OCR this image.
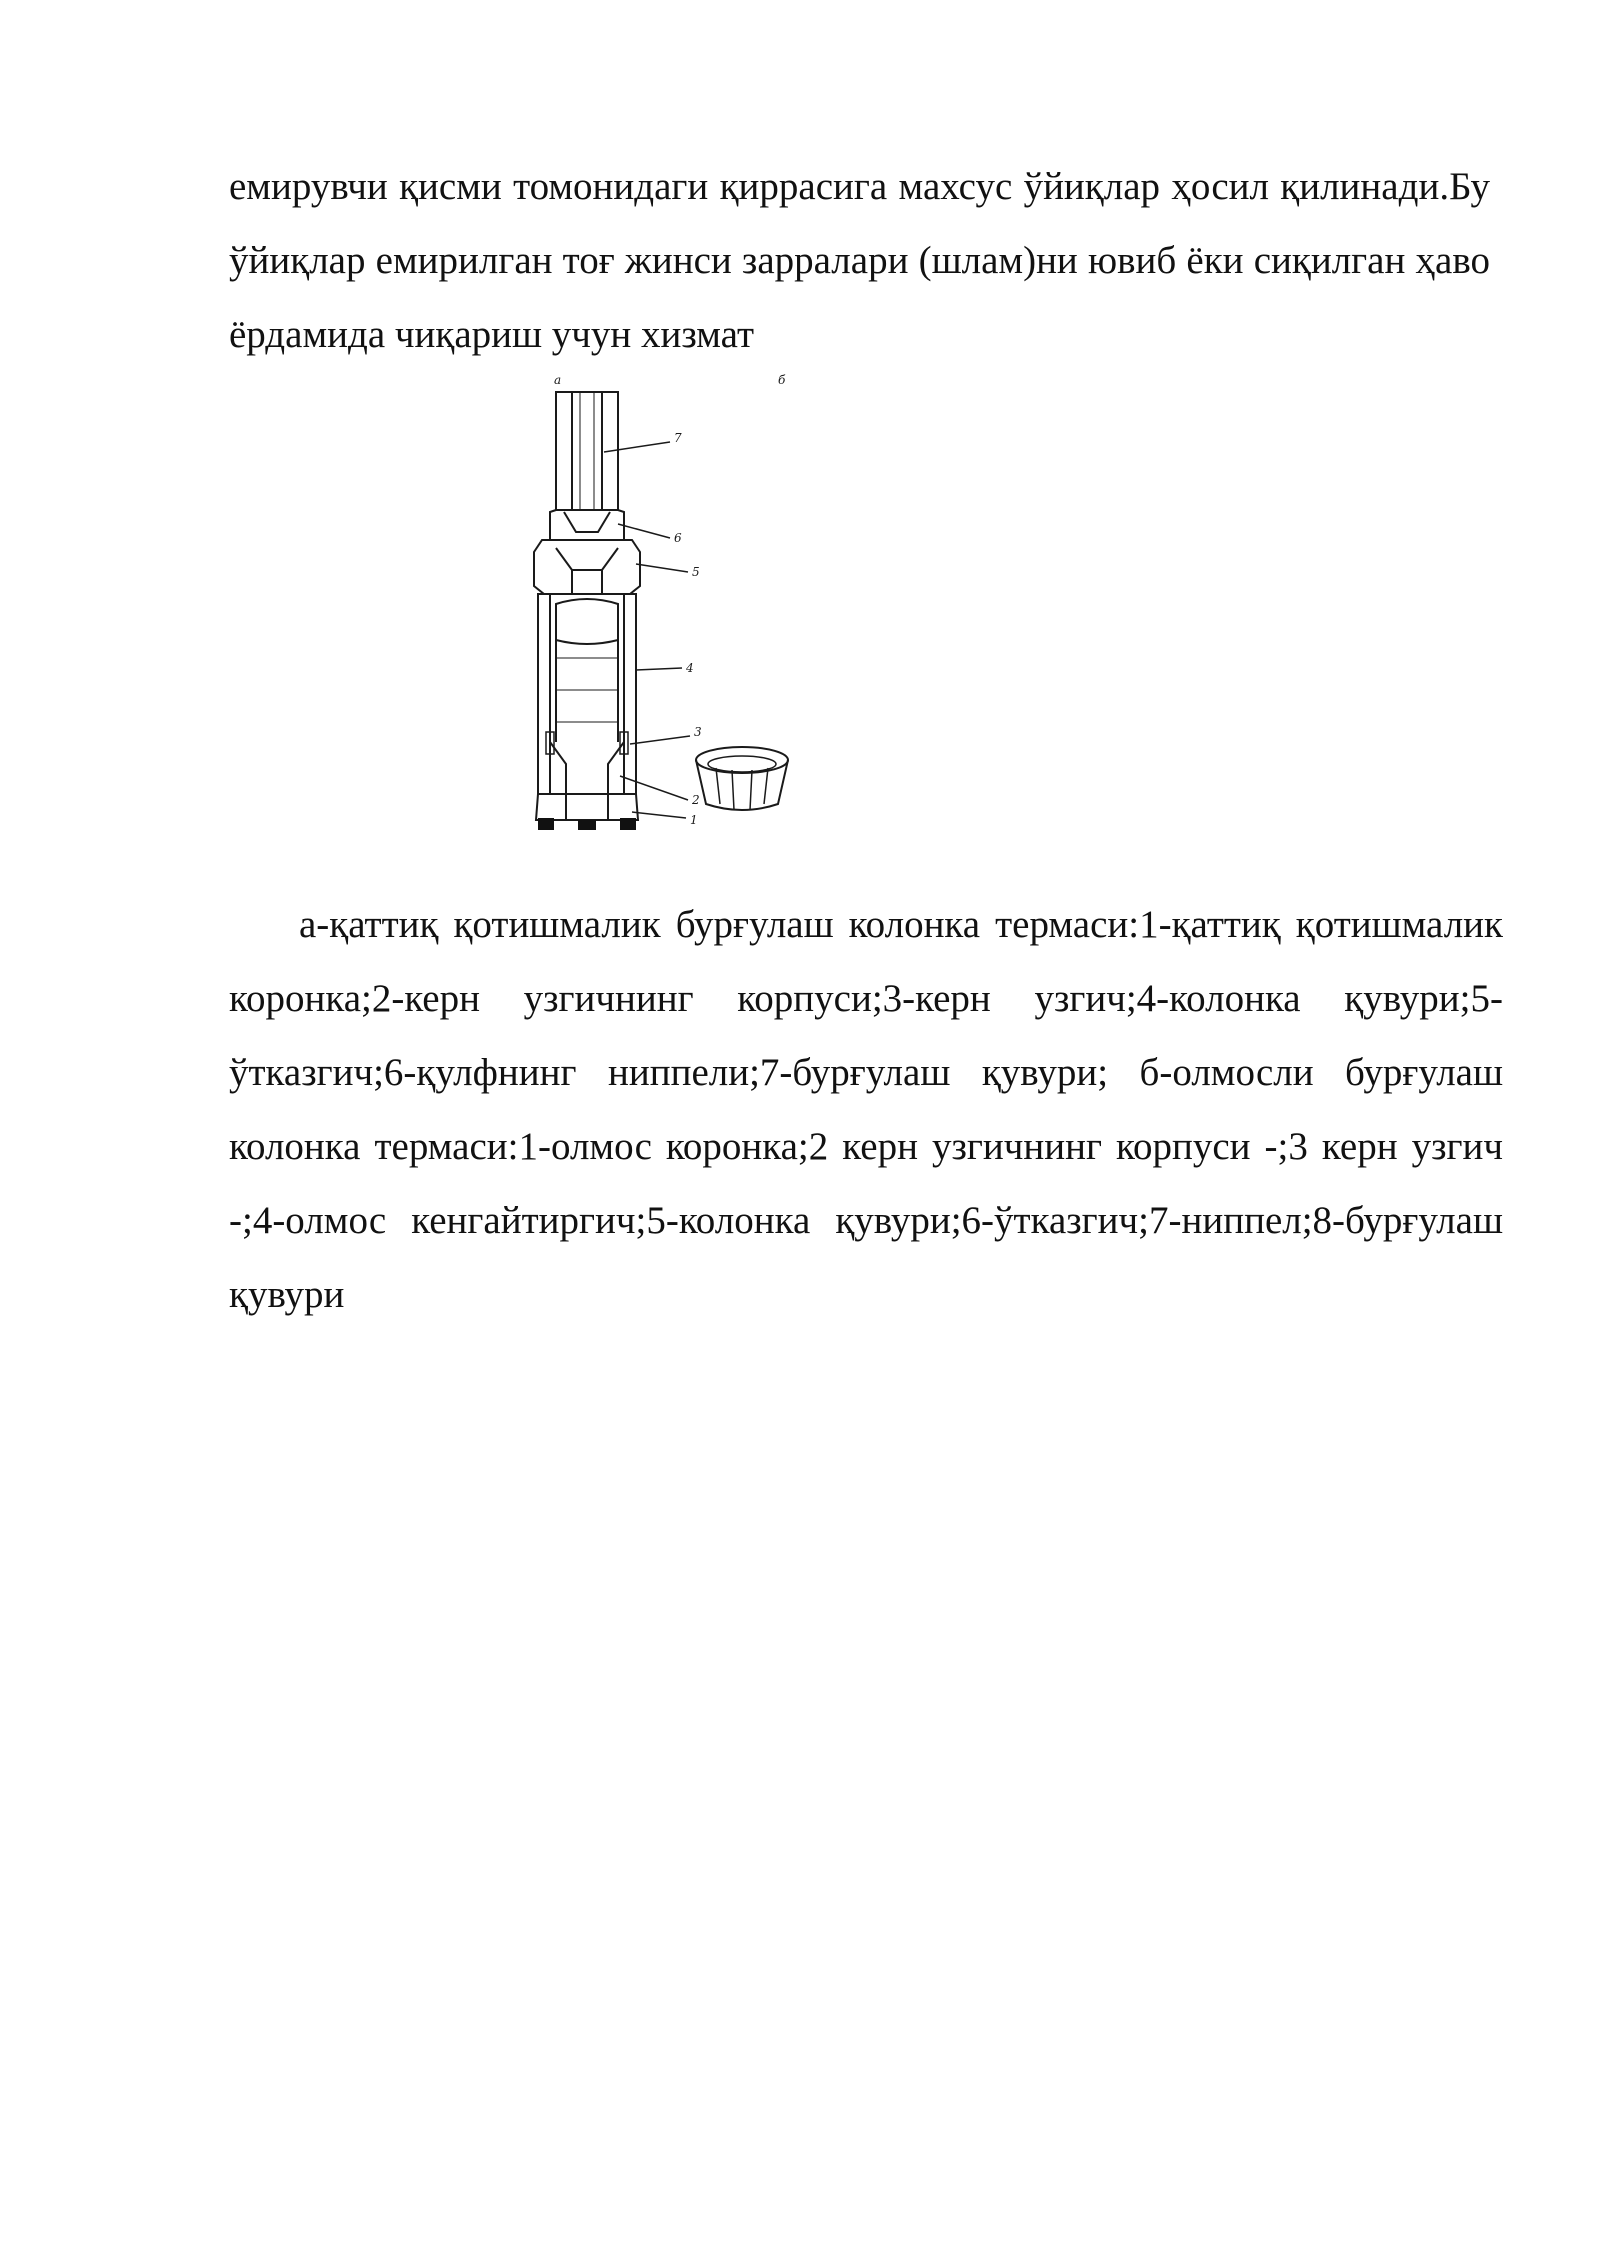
емирувчи қисми томонидаги қиррасига махсус ўйиқлар ҳосил қилинади.Бу ўйиқлар емирилган тоғ жинси зарралари (шлам)ни ювиб ёки сиқилган ҳаво ёрдамида чиқариш учун хизмат

а	б
7
6
5
4
3
2
1

а-қаттиқ қотишмалик бурғулаш колонка термаси:1-қаттиқ қотишмалик коронка;2-керн узгичнинг корпуси;3-керн узгич;4-колонка қувури;5-ўтказгич;6-қулфнинг ниппели;7-бурғулаш қувури; б-олмосли бурғулаш колонка термаси:1-олмос коронка;2 керн узгичнинг корпуси -;3 керн узгич -;4-олмос кенгайтиргич;5-колонка қувури;6-ўтказгич;7-ниппел;8-бурғулаш қувури
